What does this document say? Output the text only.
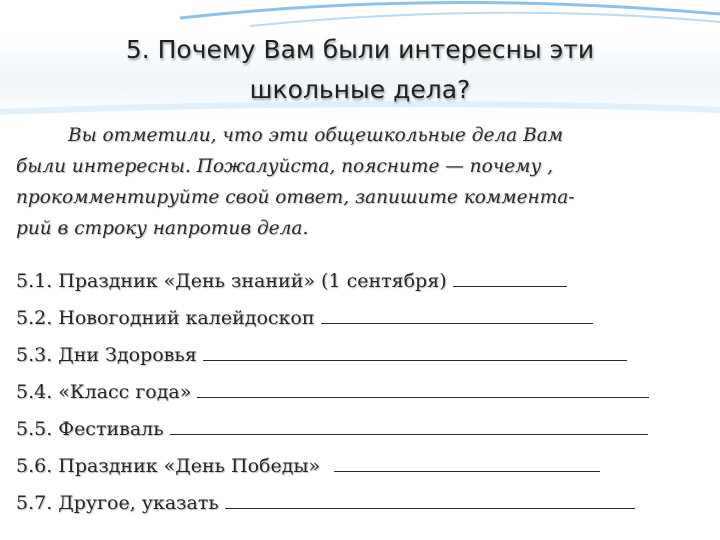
5. Почему Вам были интересны эти
школьные дела?

Вы отметили, что эти общешкольные дела Вам
были интересны. Пожалуйста, поясните — почему ,
прокомментируйте свой ответ, запишите коммента-
рий в строку напротив дела.

5.1. Праздник «День знаний» (1 сентября)
5.2. Новогодний калейдоскоп
5.3. Дни Здоровья
5.4. «Класс года»
5.5. Фестиваль
5.6. Праздник «День Победы»
5.7. Другое, указать
